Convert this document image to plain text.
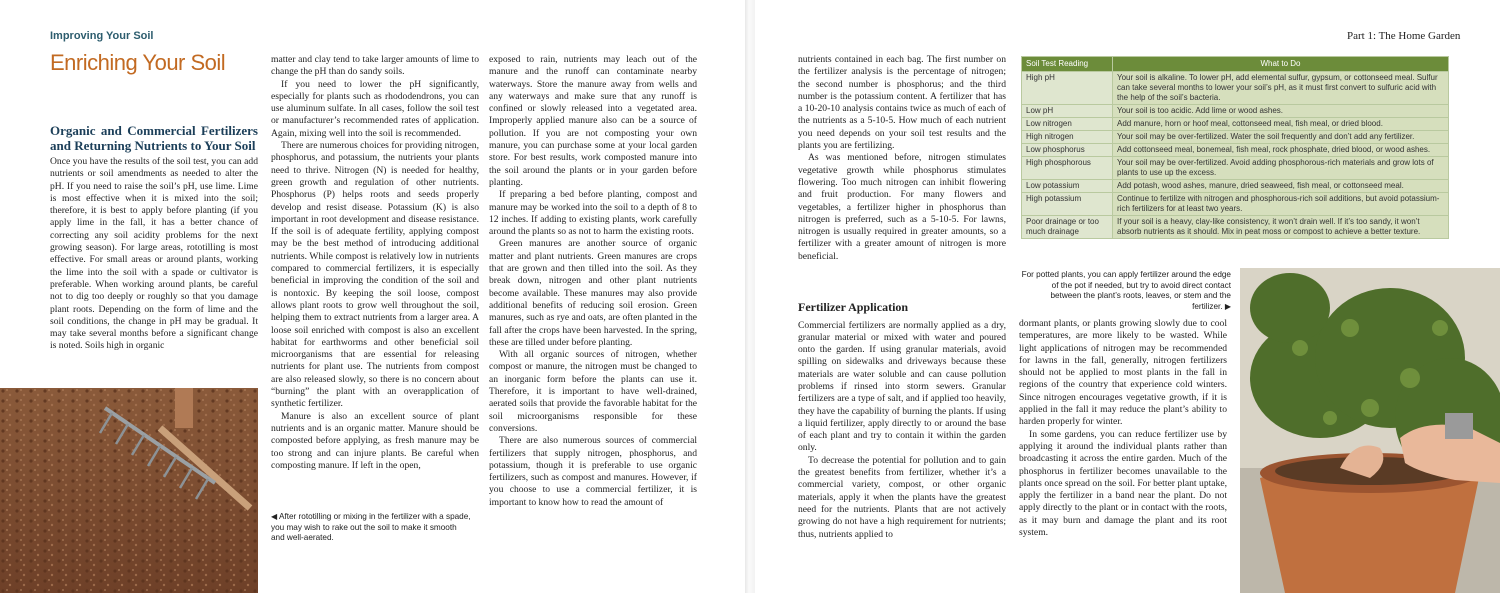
Improving Your Soil
Enriching Your Soil
Organic and Commercial Fertilizers and Returning Nutrients to Your Soil

Once you have the results of the soil test, you can add nutrients or soil amendments as needed to alter the pH. If you need to raise the soil’s pH, use lime. Lime is most effective when it is mixed into the soil; therefore, it is best to apply before planting (if you apply lime in the fall, it has a better chance of correcting any soil acidity problems for the next growing season). For large areas, rototilling is most effective. For small areas or around plants, working the lime into the soil with a spade or cultivator is preferable. When working around plants, be careful not to dig too deeply or roughly so that you damage plant roots. Depending on the form of lime and the soil conditions, the change in pH may be gradual. It may take several months before a significant change is noted. Soils high in organic

matter and clay tend to take larger amounts of lime to change the pH than do sandy soils.

If you need to lower the pH significantly, especially for plants such as rhododendrons, you can use aluminum sulfate. In all cases, follow the soil test or manufacturer’s recommended rates of application. Again, mixing well into the soil is recommended.

There are numerous choices for providing nitrogen, phosphorus, and potassium, the nutrients your plants need to thrive. Nitrogen (N) is needed for healthy, green growth and regulation of other nutrients. Phosphorus (P) helps roots and seeds properly develop and resist disease. Potassium (K) is also important in root development and disease resistance. If the soil is of adequate fertility, applying compost may be the best method of introducing additional nutrients. While compost is relatively low in nutrients compared to commercial fertilizers, it is especially beneficial in improving the condition of the soil and is nontoxic. By keeping the soil loose, compost allows plant roots to grow well throughout the soil, helping them to extract nutrients from a larger area. A loose soil enriched with compost is also an excellent habitat for earthworms and other beneficial soil microorganisms that are essential for releasing nutrients for plant use. The nutrients from compost are also released slowly, so there is no concern about “burning” the plant with an overapplication of synthetic fertilizer.

Manure is also an excellent source of plant nutrients and is an organic matter. Manure should be composted before applying, as fresh manure may be too strong and can injure plants. Be careful when composting manure. If left in the open,

exposed to rain, nutrients may leach out of the manure and the runoff can contaminate nearby waterways. Store the manure away from wells and any waterways and make sure that any runoff is confined or slowly released into a vegetated area. Improperly applied manure also can be a source of pollution. If you are not composting your own manure, you can purchase some at your local garden store. For best results, work composted manure into the soil around the plants or in your garden before planting.

If preparing a bed before planting, compost and manure may be worked into the soil to a depth of 8 to 12 inches. If adding to existing plants, work carefully around the plants so as not to harm the existing roots.

Green manures are another source of organic matter and plant nutrients. Green manures are crops that are grown and then tilled into the soil. As they break down, nitrogen and other plant nutrients become available. These manures may also provide additional benefits of reducing soil erosion. Green manures, such as rye and oats, are often planted in the fall after the crops have been harvested. In the spring, these are tilled under before planting.

With all organic sources of nitrogen, whether compost or manure, the nitrogen must be changed to an inorganic form before the plants can use it. Therefore, it is important to have well-drained, aerated soils that provide the favorable habitat for the soil microorganisms responsible for these conversions.

There are also numerous sources of commercial fertilizers that supply nitrogen, phosphorus, and potassium, though it is preferable to use organic fertilizers, such as compost and manures. However, if you choose to use a commercial fertilizer, it is important to know how to read the amount of

◀ After rototilling or mixing in the fertilizer with a spade, you may wish to rake out the soil to make it smooth and well-aerated.
Part 1: The Home Garden

nutrients contained in each bag. The first number on the fertilizer analysis is the percentage of nitrogen; the second number is phosphorus; and the third number is the potassium content. A fertilizer that has a 10-20-10 analysis contains twice as much of each of the nutrients as a 5-10-5. How much of each nutrient you need depends on your soil test results and the plants you are fertilizing.

As was mentioned before, nitrogen stimulates vegetative growth while phosphorus stimulates flowering. Too much nitrogen can inhibit flowering and fruit production. For many flowers and vegetables, a fertilizer higher in phosphorus than nitrogen is preferred, such as a 5-10-5. For lawns, nitrogen is usually required in greater amounts, so a fertilizer with a greater amount of nitrogen is more beneficial.

Fertilizer Application

Commercial fertilizers are normally applied as a dry, granular material or mixed with water and poured onto the garden. If using granular materials, avoid spilling on sidewalks and driveways because these materials are water soluble and can cause pollution problems if rinsed into storm sewers. Granular fertilizers are a type of salt, and if applied too heavily, they have the capability of burning the plants. If using a liquid fertilizer, apply directly to or around the base of each plant and try to contain it within the garden only.

To decrease the potential for pollution and to gain the greatest benefits from fertilizer, whether it’s a commercial variety, compost, or other organic materials, apply it when the plants have the greatest need for the nutrients. Plants that are not actively growing do not have a high requirement for nutrients; thus, nutrients applied to

dormant plants, or plants growing slowly due to cool temperatures, are more likely to be wasted. While light applications of nitrogen may be recommended for lawns in the fall, generally, nitrogen fertilizers should not be applied to most plants in the fall in regions of the country that experience cold winters. Since nitrogen encourages vegetative growth, if it is applied in the fall it may reduce the plant’s ability to harden properly for winter.

In some gardens, you can reduce fertilizer use by applying it around the individual plants rather than broadcasting it across the entire garden. Much of the phosphorus in fertilizer becomes unavailable to the plants once spread on the soil. For better plant uptake, apply the fertilizer in a band near the plant. Do not apply directly to the plant or in contact with the roots, as it may burn and damage the plant and its root system.

Soil Test Reading	What to Do
High pH	Your soil is alkaline. To lower pH, add elemental sulfur, gypsum, or cottonseed meal. Sulfur can take several months to lower your soil’s pH, as it must first convert to sulfuric acid with the help of the soil’s bacteria.
Low pH	Your soil is too acidic. Add lime or wood ashes.
Low nitrogen	Add manure, horn or hoof meal, cottonseed meal, fish meal, or dried blood.
High nitrogen	Your soil may be over-fertilized. Water the soil frequently and don’t add any fertilizer.
Low phosphorus	Add cottonseed meal, bonemeal, fish meal, rock phosphate, dried blood, or wood ashes.
High phosphorous	Your soil may be over-fertilized. Avoid adding phosphorous-rich materials and grow lots of plants to use up the excess.
Low potassium	Add potash, wood ashes, manure, dried seaweed, fish meal, or cottonseed meal.
High potassium	Continue to fertilize with nitrogen and phosphorous-rich soil additions, but avoid potassium-rich fertilizers for at least two years.
Poor drainage or too much drainage	If your soil is a heavy, clay-like consistency, it won’t drain well. If it’s too sandy, it won’t absorb nutrients as it should. Mix in peat moss or compost to achieve a better texture.
For potted plants, you can apply fertilizer around the edge of the pot if needed, but try to avoid direct contact between the plant’s roots, leaves, or stem and the fertilizer. ▶
